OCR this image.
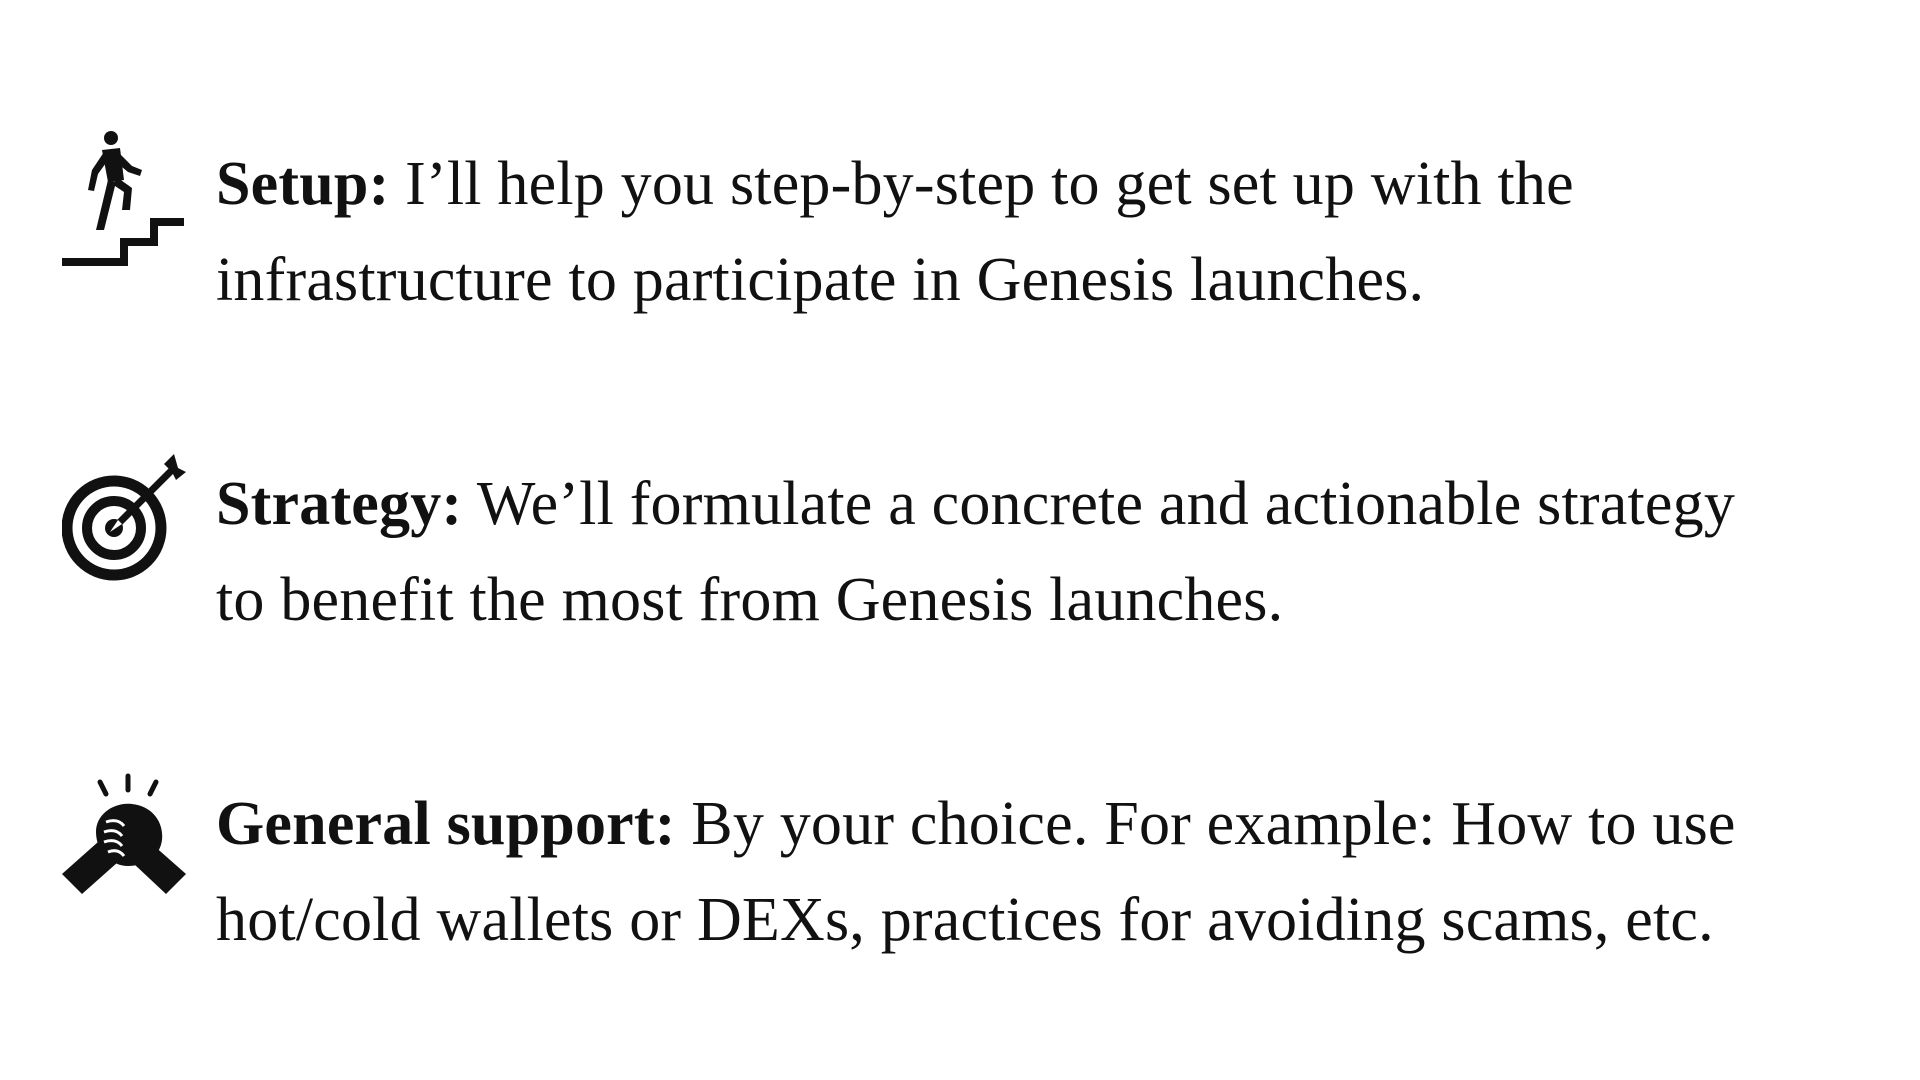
Setup: I’ll help you step-by-step to get set up with the
infrastructure to participate in Genesis launches.
Strategy: We’ll formulate a concrete and actionable strategy
to benefit the most from Genesis launches.
General support: By your choice. For example: How to use
hot/cold wallets or DEXs, practices for avoiding scams, etc.
